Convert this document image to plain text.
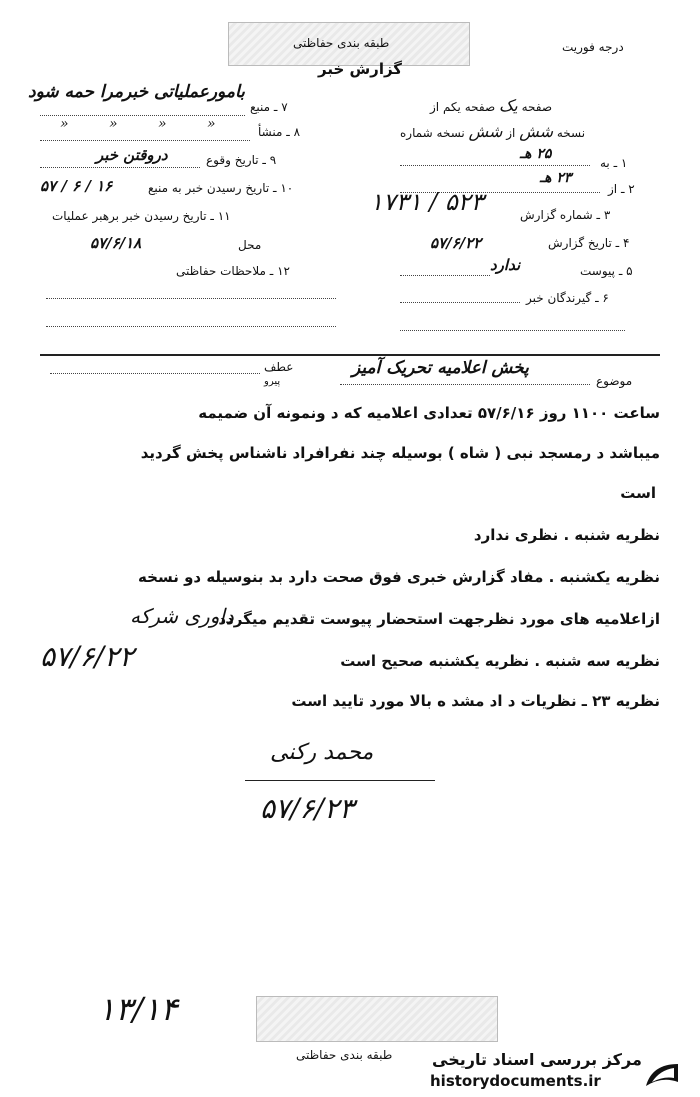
طبقه بندی حفاظتی
گزارش خبر
درجه فوریت
بامورعملیاتی خبرمرا حمه شود
صفحه یک صفحه یکم از
نسخه شش از شش نسخه شماره
۷ ـ منبع
۸ ـ منشأ
« « « «
۹ ـ تاریخ وقوع
دروقتن خبر
۱۰ ـ تاریخ رسیدن خبر به منبع
۱۶ / ۶ / ۵۷
۱۱ ـ تاریخ رسیدن خبر برهبر عملیات
محل
۵۷/۶/۱۸
۱۲ ـ ملاحظات حفاظتی
۱ ـ به
۲۵ هـ
۲ ـ از
۲۳ هـ
۳ ـ شماره گزارش
۵۲۳ / ۱۷۳۱
۴ ـ تاریخ گزارش
۵۷/۶/۲۲
۵ ـ پیوست
ندارد
۶ ـ گیرندگان خبر
موضوع
پخش اعلامیه تحریک آمیز
عطف
پیرو
ساعت ۱۱۰۰ روز ۵۷/۶/۱۶ تعدادی اعلامیه که د ونمونه آن ضمیمه
میباشد د رمسجد نبی ( شاه ) بوسیله چند نفرافراد ناشناس پخش گردید
است
نظریه شنبه . نظری ندارد
نظریه یکشنبه . مفاد گزارش خبری فوق صحت دارد بد بنوسیله دو نسخه
ازاعلامیه های مورد نظرجهت استحضار پیوست تقدیم میگردد
داوری شرکه
۵۷/۶/۲۲	نظریه سه شنبه . نظریه یکشنبه صحیح است
نظریه ۲۳ ـ نظریات د اد مشد ه بالا مورد تایید است
محمد رکنی
۵۷/۶/۲۳
۱۳/۱۴
طبقه بندی حفاظتی مرکز بررسی اسناد تاریخی
historydocuments.ir
